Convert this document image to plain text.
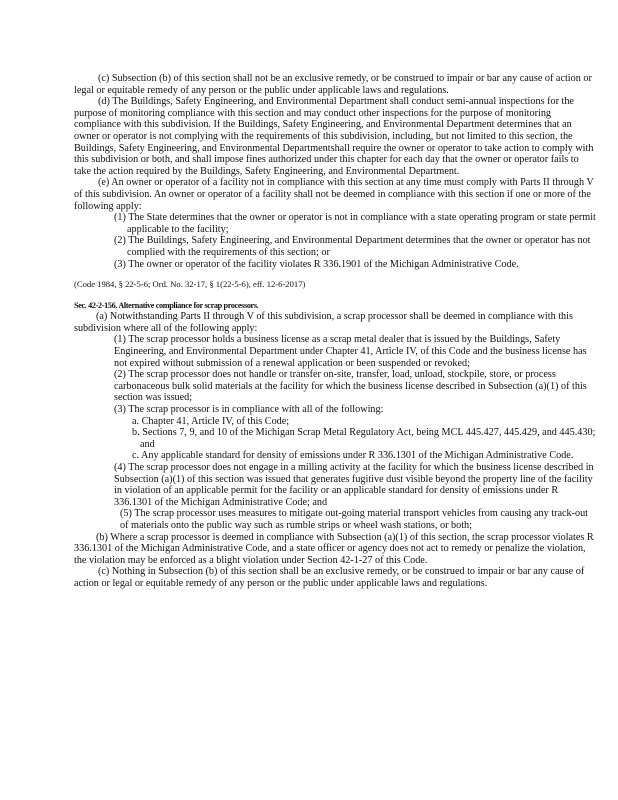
(c) Subsection (b) of this section shall not be an exclusive remedy, or be construed to impair or bar any cause of action or legal or equitable remedy of any person or the public under applicable laws and regulations.

(d) The Buildings, Safety Engineering, and Environmental Department shall conduct semi-annual inspections for the purpose of monitoring compliance with this section and may conduct other inspections for the purpose of monitoring compliance with this subdivision. If the Buildings, Safety Engineering, and Environmental Department determines that an owner or operator is not complying with the requirements of this subdivision, including, but not limited to this section, the Buildings, Safety Engineering, and Environmental Departmentshall require the owner or operator to take action to comply with this subdivision or both, and shall impose fines authorized under this chapter for each day that the owner or operator fails to take the action required by the Buildings, Safety Engineering, and Environmental Department.

(e) An owner or operator of a facility not in compliance with this section at any time must comply with Parts II through V of this subdivision. An owner or operator of a facility shall not be deemed in compliance with this section if one or more of the following apply:

(1) The State determines that the owner or operator is not in compliance with a state operating program or state permit applicable to the facility;

(2) The Buildings, Safety Engineering, and Environmental Department determines that the owner or operator has not complied with the requirements of this section; or

(3) The owner or operator of the facility violates R 336.1901 of the Michigan Administrative Code.

(Code 1984, § 22-5-6; Ord. No. 32-17, § 1(22-5-6), eff. 12-6-2017)

Sec. 42-2-156. Alternative compliance for scrap processors.

(a) Notwithstanding Parts II through V of this subdivision, a scrap processor shall be deemed in compliance with this subdivision where all of the following apply:

(1) The scrap processor holds a business license as a scrap metal dealer that is issued by the Buildings, Safety Engineering, and Environmental Department under Chapter 41, Article IV, of this Code and the business license has not expired without submission of a renewal application or been suspended or revoked;

(2) The scrap processor does not handle or transfer on-site, transfer, load, unload, stockpile, store, or process carbonaceous bulk solid materials at the facility for which the business license described in Subsection (a)(1) of this section was issued;

(3) The scrap processor is in compliance with all of the following:

a. Chapter 41, Article IV, of this Code;

b. Sections 7, 9, and 10 of the Michigan Scrap Metal Regulatory Act, being MCL 445.427, 445.429, and 445.430; and

c. Any applicable standard for density of emissions under R 336.1301 of the Michigan Administrative Code.

(4) The scrap processor does not engage in a milling activity at the facility for which the business license described in Subsection (a)(1) of this section was issued that generates fugitive dust visible beyond the property line of the facility in violation of an applicable permit for the facility or an applicable standard for density of emissions under R 336.1301 of the Michigan Administrative Code; and

(5) The scrap processor uses measures to mitigate out-going material transport vehicles from causing any track-out of materials onto the public way such as rumble strips or wheel wash stations, or both;

(b) Where a scrap processor is deemed in compliance with Subsection (a)(1) of this section, the scrap processor violates R 336.1301 of the Michigan Administrative Code, and a state officer or agency does not act to remedy or penalize the violation, the violation may be enforced as a blight violation under Section 42-1-27 of this Code.

(c) Nothing in Subsection (b) of this section shall be an exclusive remedy, or be construed to impair or bar any cause of action or legal or equitable remedy of any person or the public under applicable laws and regulations.
